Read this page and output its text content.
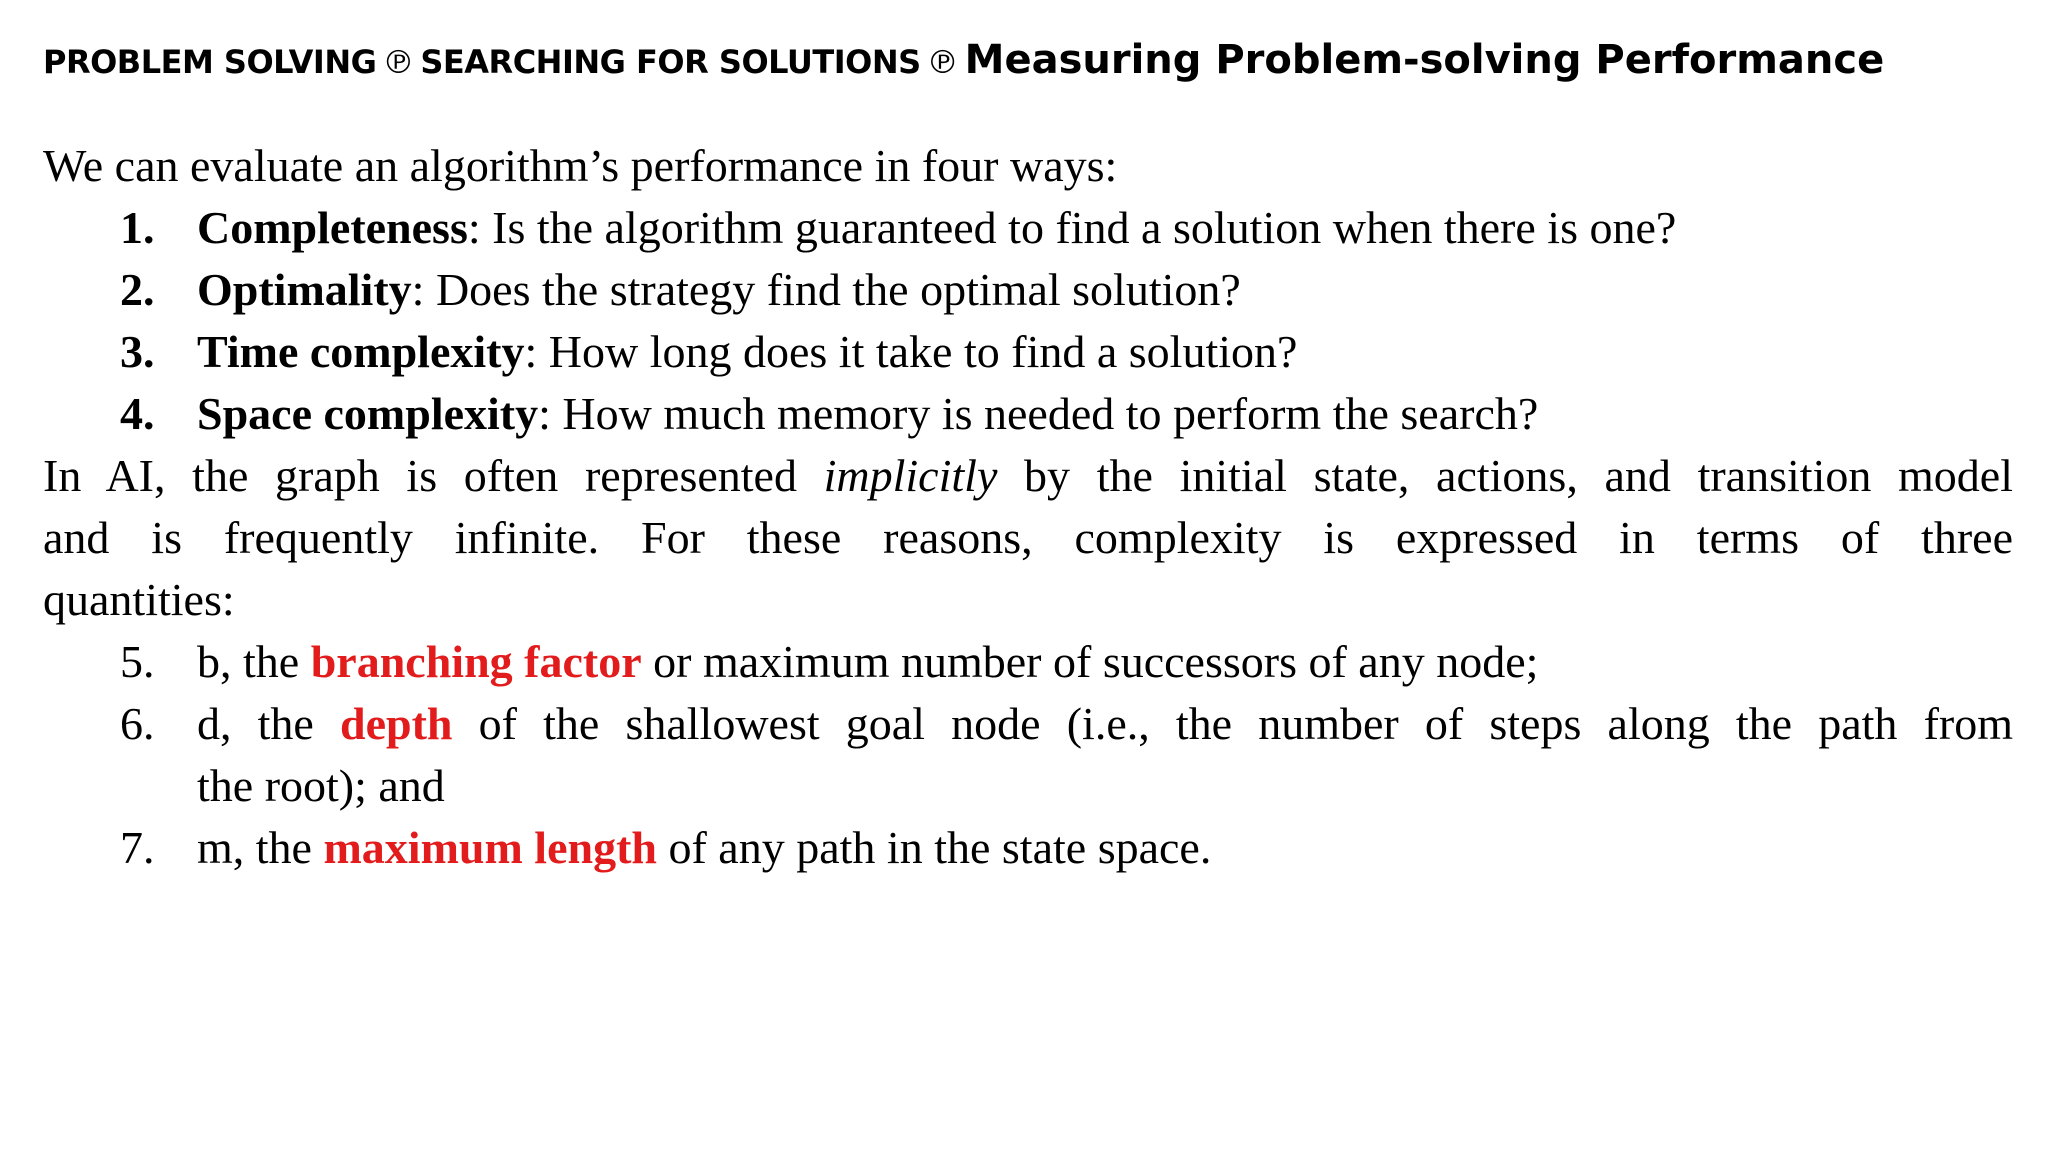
PROBLEM SOLVING ℗ SEARCHING FOR SOLUTIONS ℗ Measuring Problem-solving Performance
We can evaluate an algorithm’s performance in four ways:
1. Completeness: Is the algorithm guaranteed to find a solution when there is one?
2. Optimality: Does the strategy find the optimal solution?
3. Time complexity: How long does it take to find a solution?
4. Space complexity: How much memory is needed to perform the search?
In AI, the graph is often represented implicitly by the initial state, actions, and transition model
and is frequently infinite. For these reasons, complexity is expressed in terms of three
quantities:
5. b, the branching factor or maximum number of successors of any node;
6. d, the depth of the shallowest goal node (i.e., the number of steps along the path from
the root); and
7. m, the maximum length of any path in the state space.
